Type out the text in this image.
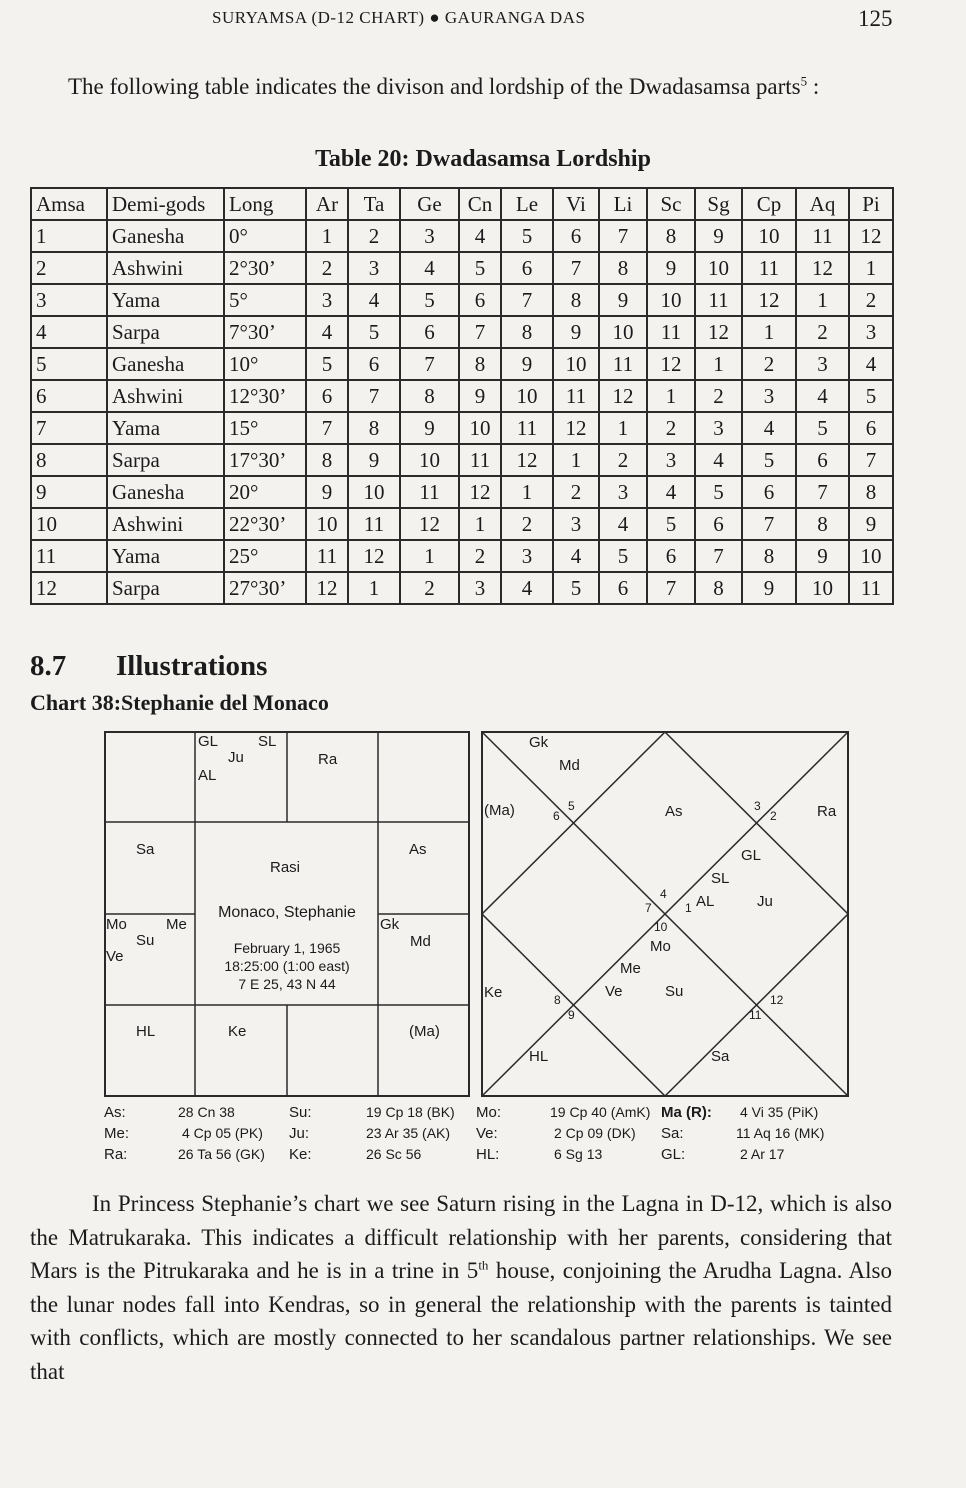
SURYAMSA (D-12 CHART) ● GAURANGA DAS	125
The following table indicates the divison and lordship of the Dwadasamsa parts$^5$ :
Table 20: Dwadasamsa Lordship
Amsa	Demi-gods	Long	Ar	Ta	Ge	Cn	Le	Vi	Li	Sc	Sg	Cp	Aq	Pi
1	Ganesha	0°	1	2	3	4	5	6	7	8	9	10	11	12
2	Ashwini	2°30’	2	3	4	5	6	7	8	9	10	11	12	1
3	Yama	5°	3	4	5	6	7	8	9	10	11	12	1	2
4	Sarpa	7°30’	4	5	6	7	8	9	10	11	12	1	2	3
5	Ganesha	10°	5	6	7	8	9	10	11	12	1	2	3	4
6	Ashwini	12°30’	6	7	8	9	10	11	12	1	2	3	4	5
7	Yama	15°	7	8	9	10	11	12	1	2	3	4	5	6
8	Sarpa	17°30’	8	9	10	11	12	1	2	3	4	5	6	7
9	Ganesha	20°	9	10	11	12	1	2	3	4	5	6	7	8
10	Ashwini	22°30’	10	11	12	1	2	3	4	5	6	7	8	9
11	Yama	25°	11	12	1	2	3	4	5	6	7	8	9	10
12	Sarpa	27°30’	12	1	2	3	4	5	6	7	8	9	10	11
8.7 Illustrations
Chart 38:Stephanie del Monaco
GL	SL
Ju
AL
Ra
Sa	As
Mo	Me
Su
Ve
Gk
Md
HL	Ke	(Ma)
Rasi
Monaco, Stephanie
February 1, 1965
18:25:00 (1:00 east)
7 E 25, 43 N 44
Gk
Md
(Ma)	5
6	As	3
2	Ra
GL
SL
4
7	1 AL	Ju
10
Mo
Me
Ve	Su
Ke	8
9
12
11
HL	Sa
As:	28 Cn 38	Su:	19 Cp 18 (BK) Mo:	19 Cp 40 (AmK) Ma (R): 4 Vi 35 (PiK)
Me:	4 Cp 05 (PK) Ju:	23 Ar 35 (AK) Ve:	2 Cp 09 (DK) Sa:	11 Aq 16 (MK)
Ra:	26 Ta 56 (GK) Ke:	26 Sc 56	HL:	6 Sg 13	GL:	2 Ar 17

In Princess Stephanie’s chart we see Saturn rising in the Lagna in D-12, which is also the Matrukaraka. This indicates a difficult relationship with her parents, considering that Mars is the Pitrukaraka and he is in a trine in 5th house, conjoining the Arudha Lagna. Also the lunar nodes fall into Kendras, so in general the relationship with the parents is tainted with conflicts, which are mostly connected to her scandalous partner relationships. We see that
